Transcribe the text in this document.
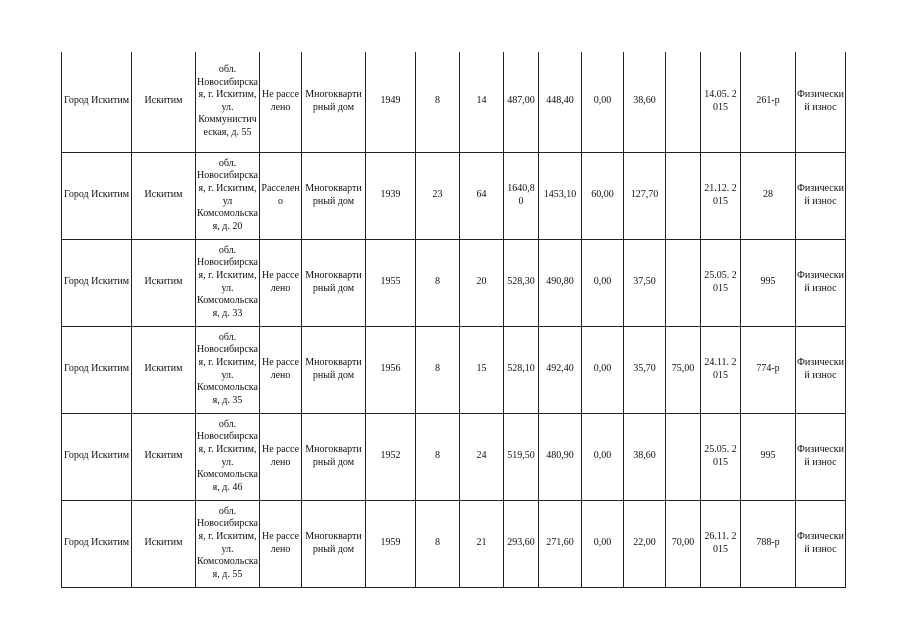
Город Искитим	Искитим	обл. Новосибирская, г. Искитим, ул. Коммунистическая, д. 55	Не расселено	Многоквартирный дом	1949	8	14	487,00	448,40	0,00	38,60		14.05. 2015	261-р	Физический износ
Город Искитим	Искитим	обл. Новосибирская, г. Искитим, ул Комсомольская, д. 20	Расселено	Многоквартирный дом	1939	23	64	1640,80	1453,10	60,00	127,70		21.12. 2015	28	Физический износ
Город Искитим	Искитим	обл. Новосибирская, г. Искитим, ул. Комсомольская, д. 33	Не расселено	Многоквартирный дом	1955	8	20	528,30	490,80	0,00	37,50		25.05. 2015	995	Физический износ
Город Искитим	Искитим	обл. Новосибирская, г. Искитим, ул. Комсомольская, д. 35	Не расселено	Многоквартирный дом	1956	8	15	528,10	492,40	0,00	35,70	75,00	24.11. 2015	774-р	Физический износ
Город Искитим	Искитим	обл. Новосибирская, г. Искитим, ул. Комсомольская, д. 46	Не расселено	Многоквартирный дом	1952	8	24	519,50	480,90	0,00	38,60		25.05. 2015	995	Физический износ
Город Искитим	Искитим	обл. Новосибирская, г. Искитим, ул. Комсомольская, д. 55	Не расселено	Многоквартирный дом	1959	8	21	293,60	271,60	0,00	22,00	70,00	26.11. 2015	788-р	Физический износ
